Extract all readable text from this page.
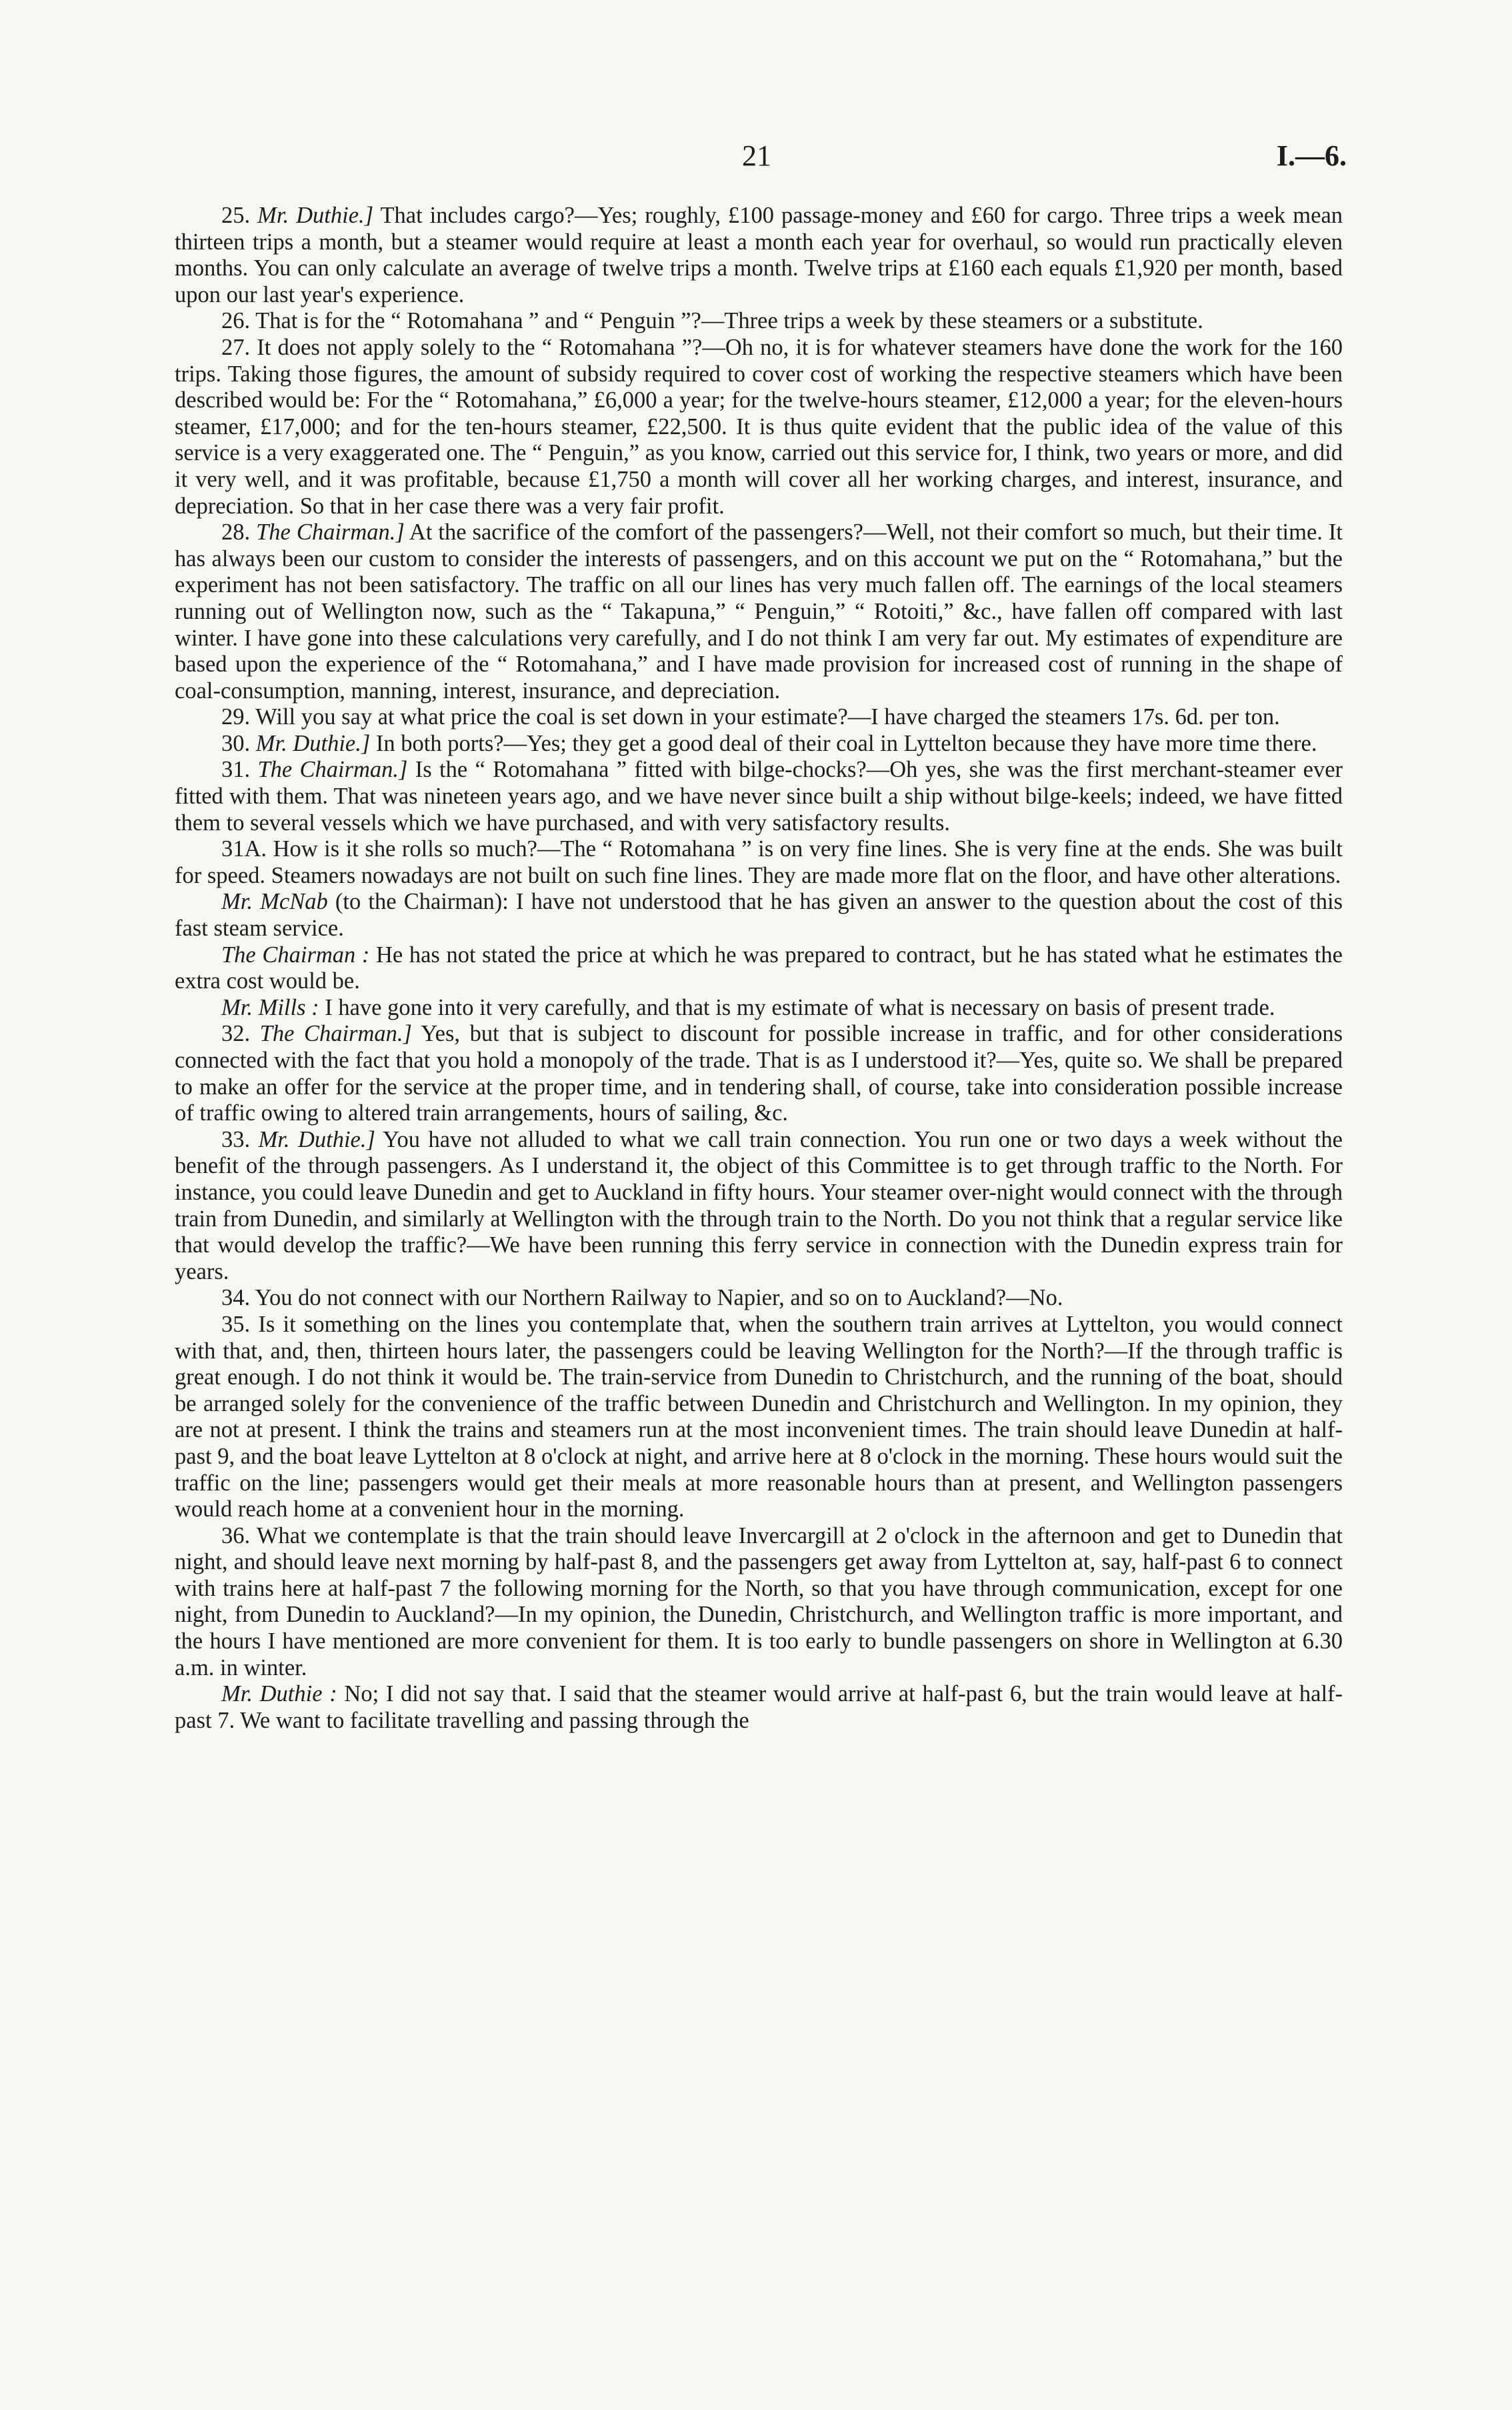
21	I.—6.

25. Mr. Duthie.] That includes cargo?—Yes; roughly, £100 passage-money and £60 for cargo. Three trips a week mean thirteen trips a month, but a steamer would require at least a month each year for overhaul, so would run practically eleven months. You can only calculate an average of twelve trips a month. Twelve trips at £160 each equals £1,920 per month, based upon our last year's experience.

26. That is for the “ Rotomahana ” and “ Penguin ”?—Three trips a week by these steamers or a substitute.

27. It does not apply solely to the “ Rotomahana ”?—Oh no, it is for whatever steamers have done the work for the 160 trips. Taking those figures, the amount of subsidy required to cover cost of working the respective steamers which have been described would be: For the “ Rotomahana,” £6,000 a year; for the twelve-hours steamer, £12,000 a year; for the eleven-hours steamer, £17,000; and for the ten-hours steamer, £22,500. It is thus quite evident that the public idea of the value of this service is a very exaggerated one. The “ Penguin,” as you know, carried out this service for, I think, two years or more, and did it very well, and it was profitable, because £1,750 a month will cover all her working charges, and interest, insurance, and depreciation. So that in her case there was a very fair profit.

28. The Chairman.] At the sacrifice of the comfort of the passengers?—Well, not their comfort so much, but their time. It has always been our custom to consider the interests of passengers, and on this account we put on the “ Rotomahana,” but the experiment has not been satisfactory. The traffic on all our lines has very much fallen off. The earnings of the local steamers running out of Wellington now, such as the “ Takapuna,” “ Penguin,” “ Rotoiti,” &c., have fallen off compared with last winter. I have gone into these calculations very carefully, and I do not think I am very far out. My estimates of expenditure are based upon the experience of the “ Rotomahana,” and I have made provision for increased cost of running in the shape of coal-consumption, manning, interest, insurance, and depreciation.

29. Will you say at what price the coal is set down in your estimate?—I have charged the steamers 17s. 6d. per ton.

30. Mr. Duthie.] In both ports?—Yes; they get a good deal of their coal in Lyttelton because they have more time there.

31. The Chairman.] Is the “ Rotomahana ” fitted with bilge-chocks?—Oh yes, she was the first merchant-steamer ever fitted with them. That was nineteen years ago, and we have never since built a ship without bilge-keels; indeed, we have fitted them to several vessels which we have purchased, and with very satisfactory results.

31A. How is it she rolls so much?—The “ Rotomahana ” is on very fine lines. She is very fine at the ends. She was built for speed. Steamers nowadays are not built on such fine lines. They are made more flat on the floor, and have other alterations.

Mr. McNab (to the Chairman): I have not understood that he has given an answer to the question about the cost of this fast steam service.

The Chairman : He has not stated the price at which he was prepared to contract, but he has stated what he estimates the extra cost would be.

Mr. Mills : I have gone into it very carefully, and that is my estimate of what is necessary on basis of present trade.

32. The Chairman.] Yes, but that is subject to discount for possible increase in traffic, and for other considerations connected with the fact that you hold a monopoly of the trade. That is as I understood it?—Yes, quite so. We shall be prepared to make an offer for the service at the proper time, and in tendering shall, of course, take into consideration possible increase of traffic owing to altered train arrangements, hours of sailing, &c.

33. Mr. Duthie.] You have not alluded to what we call train connection. You run one or two days a week without the benefit of the through passengers. As I understand it, the object of this Committee is to get through traffic to the North. For instance, you could leave Dunedin and get to Auckland in fifty hours. Your steamer over-night would connect with the through train from Dunedin, and similarly at Wellington with the through train to the North. Do you not think that a regular service like that would develop the traffic?—We have been running this ferry service in connection with the Dunedin express train for years.

34. You do not connect with our Northern Railway to Napier, and so on to Auckland?—No.

35. Is it something on the lines you contemplate that, when the southern train arrives at Lyttelton, you would connect with that, and, then, thirteen hours later, the passengers could be leaving Wellington for the North?—If the through traffic is great enough. I do not think it would be. The train-service from Dunedin to Christchurch, and the running of the boat, should be arranged solely for the convenience of the traffic between Dunedin and Christchurch and Wellington. In my opinion, they are not at present. I think the trains and steamers run at the most inconvenient times. The train should leave Dunedin at half-past 9, and the boat leave Lyttelton at 8 o'clock at night, and arrive here at 8 o'clock in the morning. These hours would suit the traffic on the line; passengers would get their meals at more reasonable hours than at present, and Wellington passengers would reach home at a convenient hour in the morning.

36. What we contemplate is that the train should leave Invercargill at 2 o'clock in the afternoon and get to Dunedin that night, and should leave next morning by half-past 8, and the passengers get away from Lyttelton at, say, half-past 6 to connect with trains here at half-past 7 the following morning for the North, so that you have through communication, except for one night, from Dunedin to Auckland?—In my opinion, the Dunedin, Christchurch, and Wellington traffic is more important, and the hours I have mentioned are more convenient for them. It is too early to bundle passengers on shore in Wellington at 6.30 a.m. in winter.

Mr. Duthie : No; I did not say that. I said that the steamer would arrive at half-past 6, but the train would leave at half-past 7. We want to facilitate travelling and passing through the
